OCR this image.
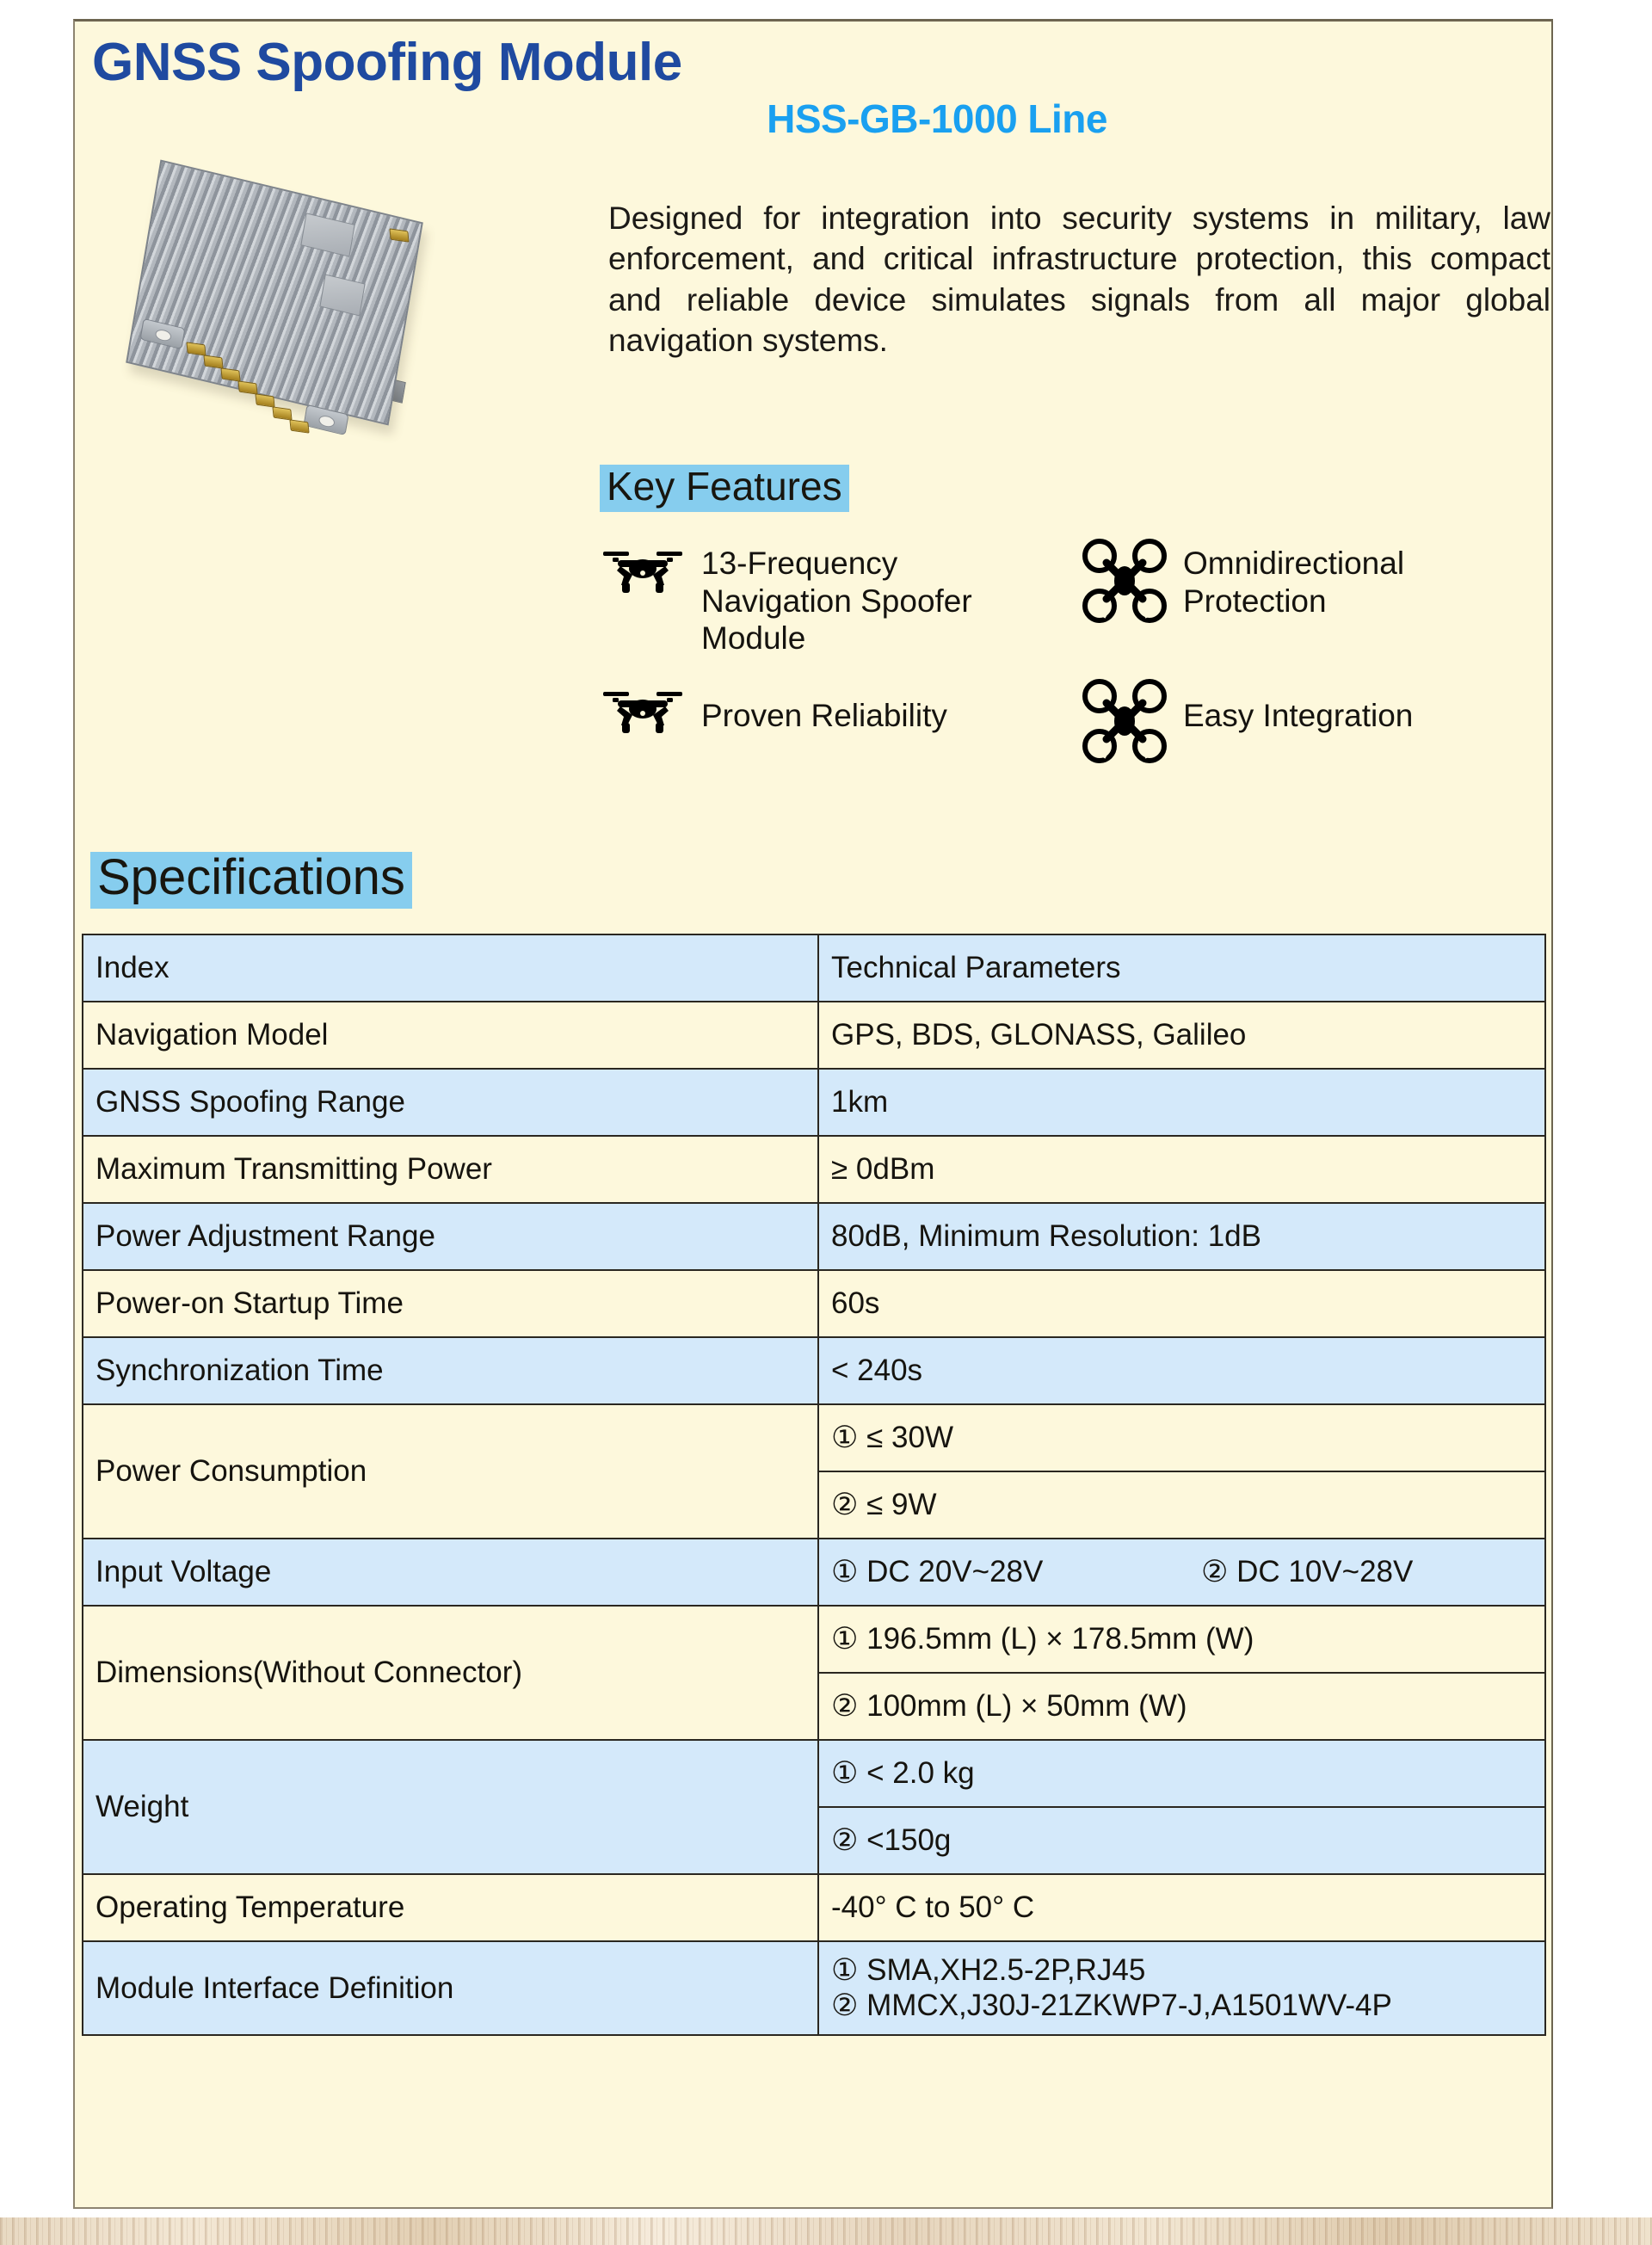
GNSS Spoofing Module
HSS-GB-1000 Line
Designed for integration into security systems in military, law enforcement, and critical infrastructure protection, this compact and reliable device simulates signals from all major global navigation systems.
Key Features
13-Frequency Navigation Spoofer Module
Omnidirectional Protection
Proven Reliability	Easy Integration
Specifications
Index	Technical Parameters
Navigation Model	GPS, BDS, GLONASS, Galileo
GNSS Spoofing Range	1km
Maximum Transmitting Power	≥ 0dBm
Power Adjustment Range	80dB, Minimum Resolution: 1dB
Power-on Startup Time	60s
Synchronization Time	< 240s
Power Consumption	① ≤ 30W
	② ≤ 9W
Input Voltage	① DC 20V~28V ② DC 10V~28V

Dimensions(Without Connector)	① 196.5mm (L) × 178.5mm (W)
	② 100mm (L) × 50mm (W)
Weight	① < 2.0 kg
	② <150g
Operating Temperature	-40° C to 50° C
Module Interface Definition	① SMA,XH2.5-2P,RJ45
② MMCX,J30J-21ZKWP7-J,A1501WV-4P
